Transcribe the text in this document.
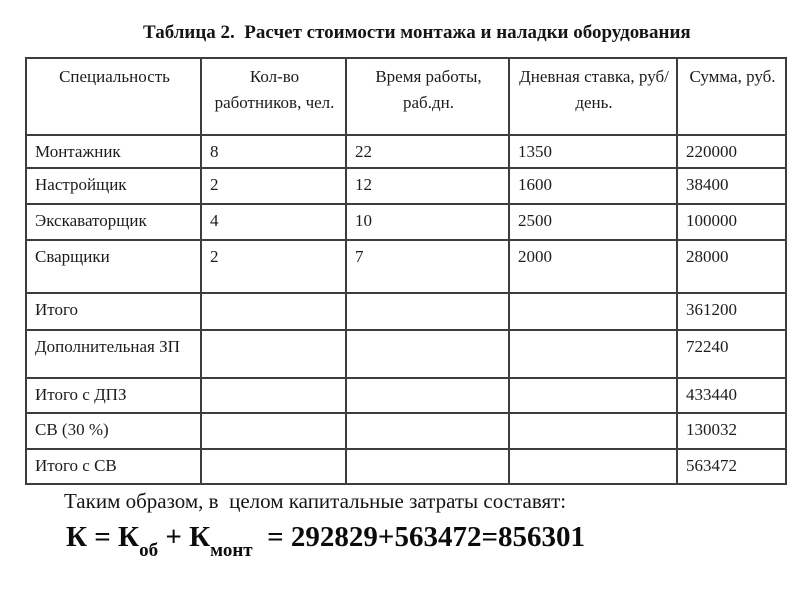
Таблица 2.  Расчет стоимости монтажа и наладки оборудования
Специальность	Кол-во работников, чел.	Время работы, раб.дн.	Дневная ставка, руб/день.	Сумма, руб.
Монтажник	8	22	1350	220000
Настройщик	2	12	1600	38400
Экскаваторщик	4	10	2500	100000
Сварщики	2	7	2000	28000
Итого				361200
Дополнительная ЗП				72240
Итого с ДПЗ				433440
СВ (30 %)				130032
Итого с СВ				563472
Таким образом, в  целом капитальные затраты составят:
$К = К_{об} + К_{монт} = 292829+563472=856301$
